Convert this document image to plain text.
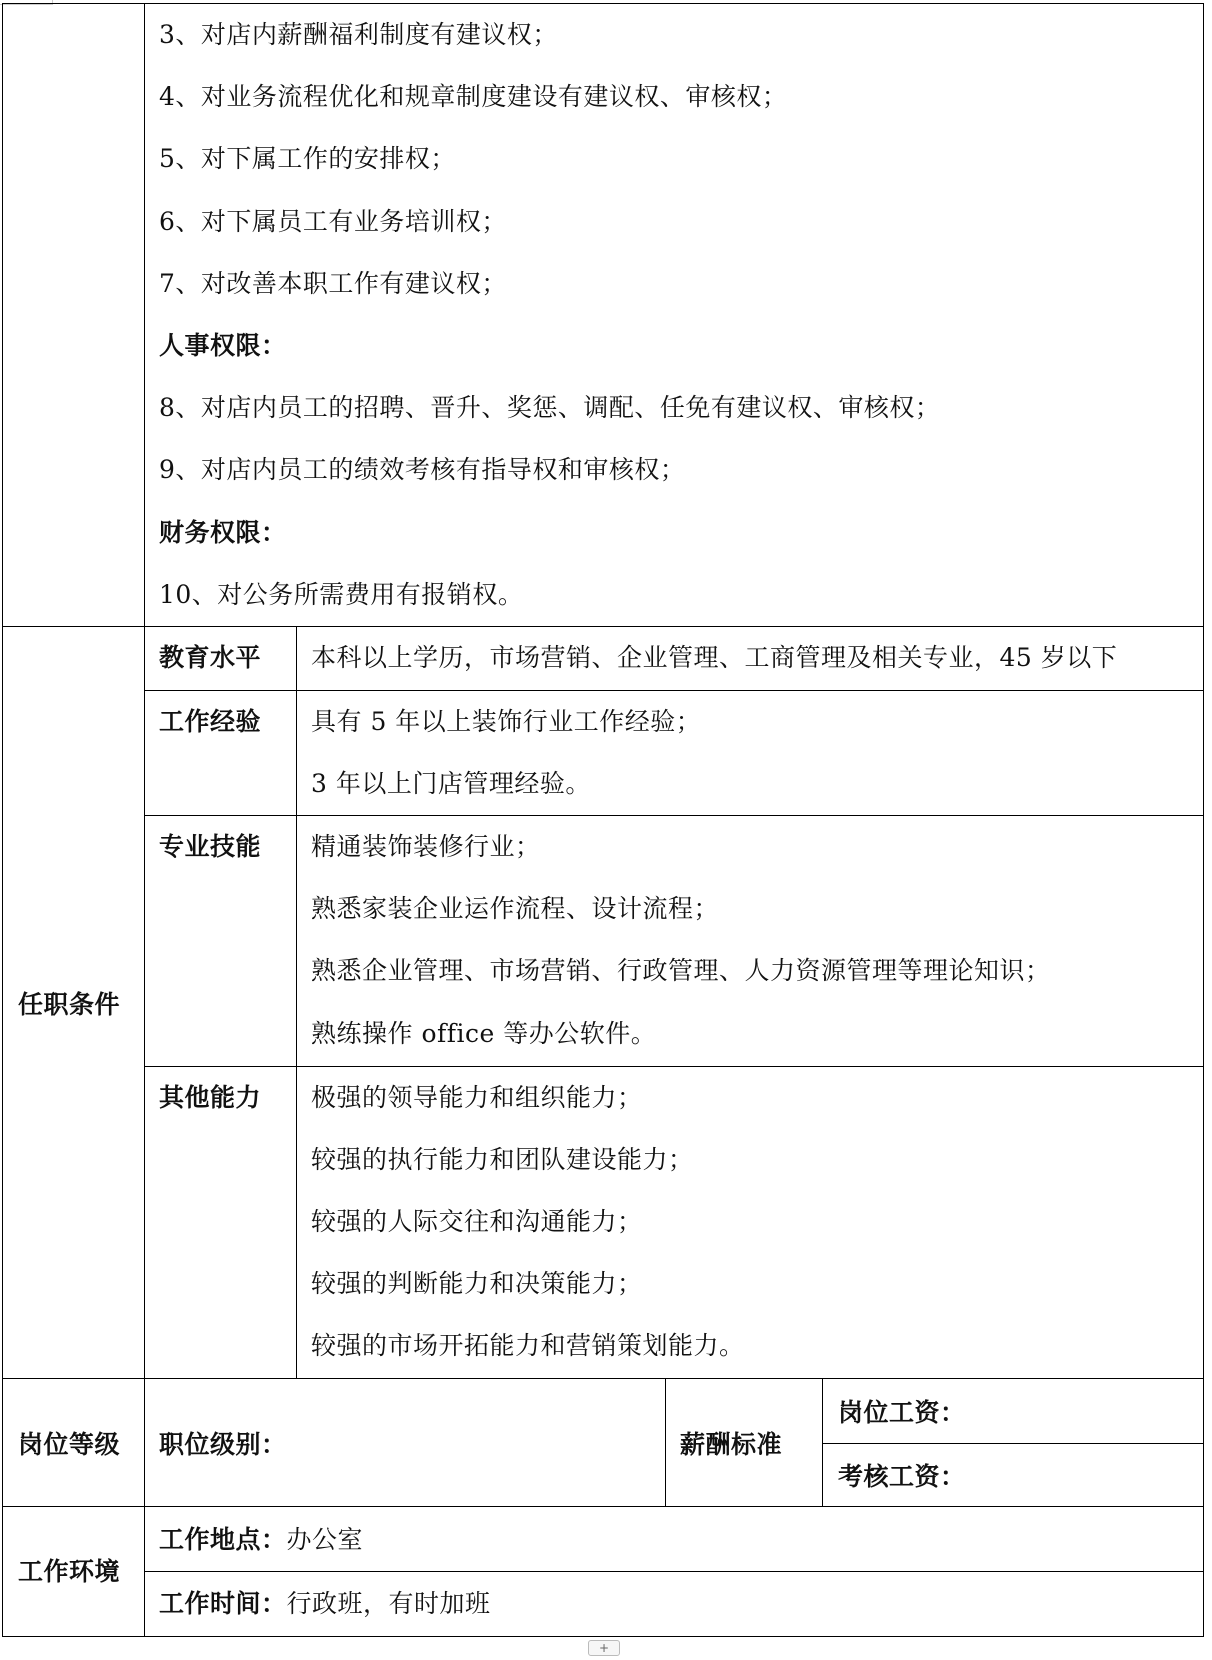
3、对店内薪酬福利制度有建议权；
4、对业务流程优化和规章制度建设有建议权、审核权；
5、对下属工作的安排权；
6、对下属员工有业务培训权；
7、对改善本职工作有建议权；
人事权限：
8、对店内员工的招聘、晋升、奖惩、调配、任免有建议权、审核权；
9、对店内员工的绩效考核有指导权和审核权；
财务权限：
10、对公务所需费用有报销权。
任职条件
教育水平 本科以上学历，市场营销、企业管理、工商管理及相关专业，45 岁以下
工作经验 具有 5 年以上装饰行业工作经验；
3 年以上门店管理经验。
专业技能 精通装饰装修行业；
熟悉家装企业运作流程、设计流程；
熟悉企业管理、市场营销、行政管理、人力资源管理等理论知识；
熟练操作 office 等办公软件。
其他能力 极强的领导能力和组织能力；
较强的执行能力和团队建设能力；
较强的人际交往和沟通能力；
较强的判断能力和决策能力；
较强的市场开拓能力和营销策划能力。
岗位等级 职位级别：	薪酬标准
岗位工资：
考核工资：
工作环境
工作地点：办公室
工作时间：行政班，有时加班
+
